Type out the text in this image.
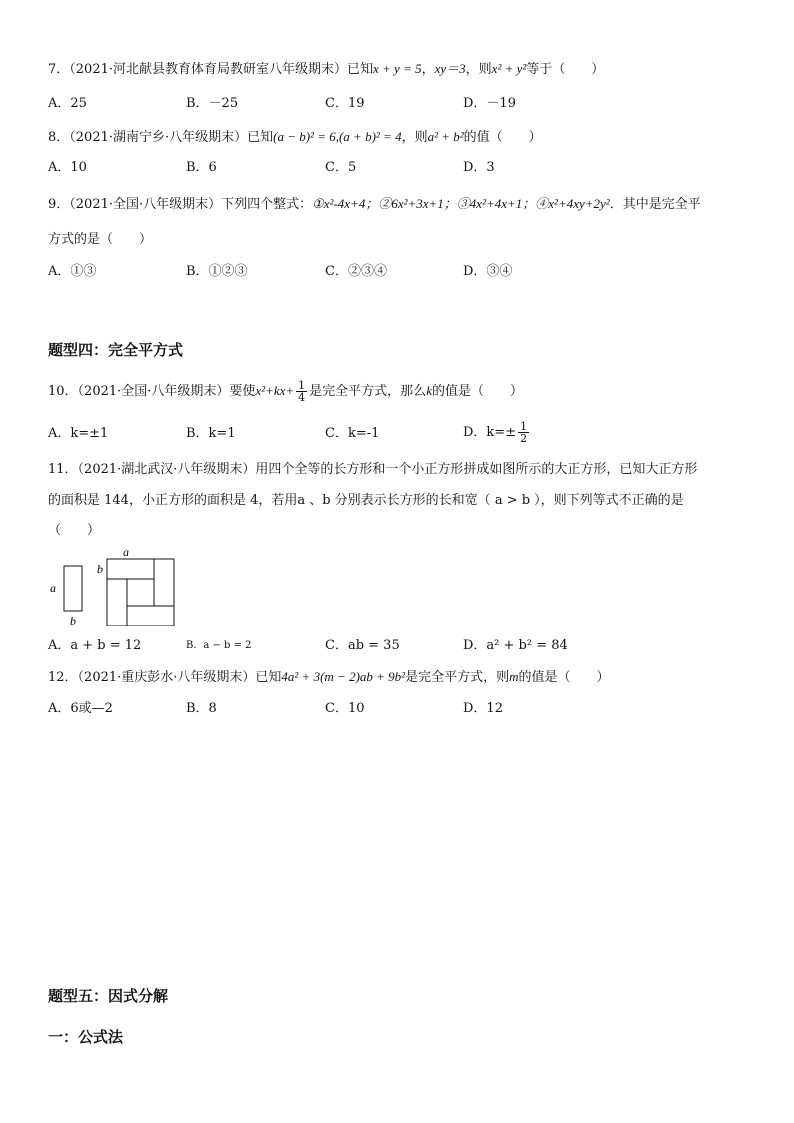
7．（2021·河北献县教育体育局教研室八年级期末）已知x + y = 5，xy＝3，则x² + y²等于（　　）
A．25	B．－25	C．19	D．－19
8．（2021·湖南宁乡·八年级期末）已知(a − b)² = 6,(a + b)² = 4，则a² + b²的值（　　）
A．10	B．6	C．5	D．3
9．（2021·全国·八年级期末）下列四个整式：①x²-4x+4；②6x²+3x+1；③4x²+4x+1；④x²+4xy+2y²．其中是完全平
方式的是（　　）
A．①③	B．①②③	C．②③④	D．③④
题型四：完全平方式
10．（2021·全国·八年级期末）要使$x^2+kx+ \frac{1}{4}$ 是完全平方式，那么k的值是（　　）
A．k=±1	B．k=1	C．k=-1	D．$k=\pm \frac{1}{2}$
11．（2021·湖北武汉·八年级期末）用四个全等的长方形和一个小正方形拼成如图所示的大正方形，已知大正方形
的面积是 144，小正方形的面积是 4，若用a 、b 分别表示长方形的长和宽（ a > b ），则下列等式不正确的是
（　　）
a
b
b
a
A．a + b = 12	B．a − b = 2	C．ab = 35	D．a² + b² = 84
12．（2021·重庆彭水·八年级期末）已知4a² + 3(m − 2)ab + 9b²是完全平方式，则m的值是（　　）
A．6或—2	B．8	C．10	D．12
题型五：因式分解
一：公式法
